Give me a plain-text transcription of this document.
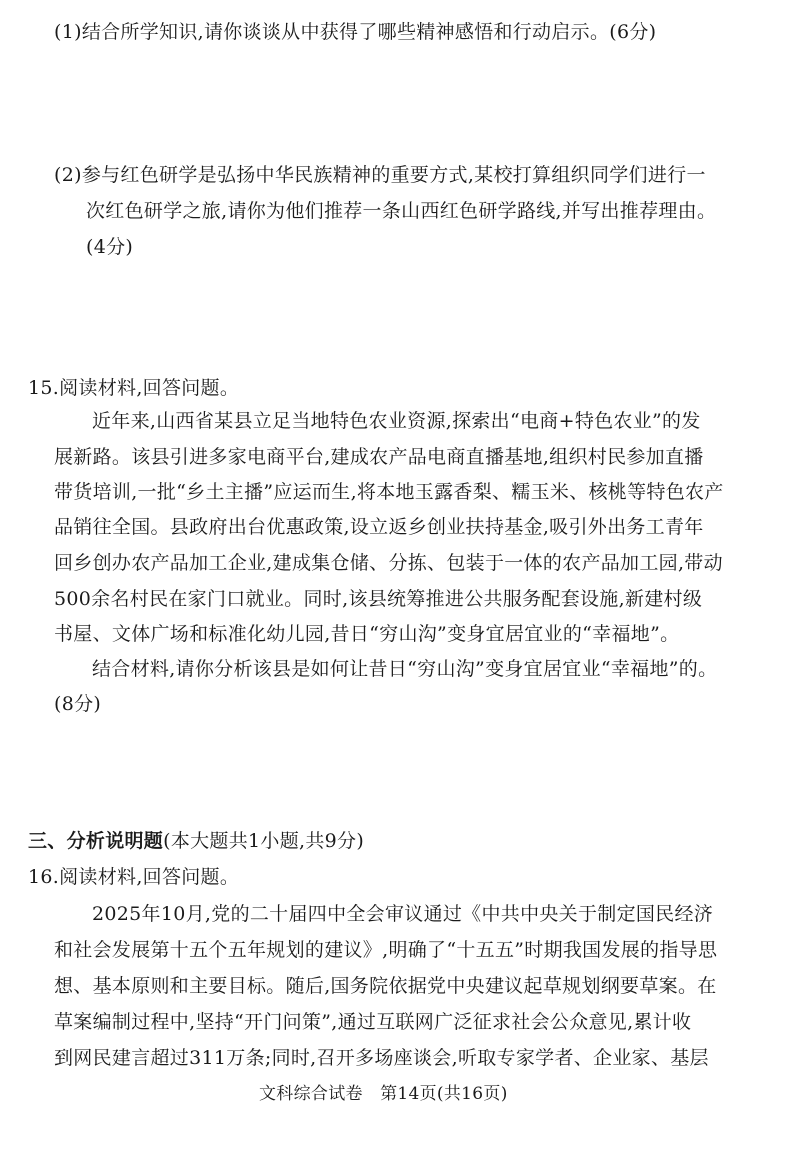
(1)结合所学知识,请你谈谈从中获得了哪些精神感悟和行动启示。(6分)
(2)参与红色研学是弘扬中华民族精神的重要方式,某校打算组织同学们进行一
次红色研学之旅,请你为他们推荐一条山西红色研学路线,并写出推荐理由。
(4分)
15.阅读材料,回答问题。
近年来,山西省某县立足当地特色农业资源,探索出“电商+特色农业”的发
展新路。该县引进多家电商平台,建成农产品电商直播基地,组织村民参加直播
带货培训,一批“乡土主播”应运而生,将本地玉露香梨、糯玉米、核桃等特色农产
品销往全国。县政府出台优惠政策,设立返乡创业扶持基金,吸引外出务工青年
回乡创办农产品加工企业,建成集仓储、分拣、包装于一体的农产品加工园,带动
500余名村民在家门口就业。同时,该县统筹推进公共服务配套设施,新建村级
书屋、文体广场和标准化幼儿园,昔日“穷山沟”变身宜居宜业的“幸福地”。
结合材料,请你分析该县是如何让昔日“穷山沟”变身宜居宜业“幸福地”的。
(8分)
三、分析说明题(本大题共1小题,共9分)
16.阅读材料,回答问题。
2025年10月,党的二十届四中全会审议通过《中共中央关于制定国民经济
和社会发展第十五个五年规划的建议》,明确了“十五五”时期我国发展的指导思
想、基本原则和主要目标。随后,国务院依据党中央建议起草规划纲要草案。在
草案编制过程中,坚持“开门问策”,通过互联网广泛征求社会公众意见,累计收
到网民建言超过311万条;同时,召开多场座谈会,听取专家学者、企业家、基层
文科综合试卷　第14页(共16页)
